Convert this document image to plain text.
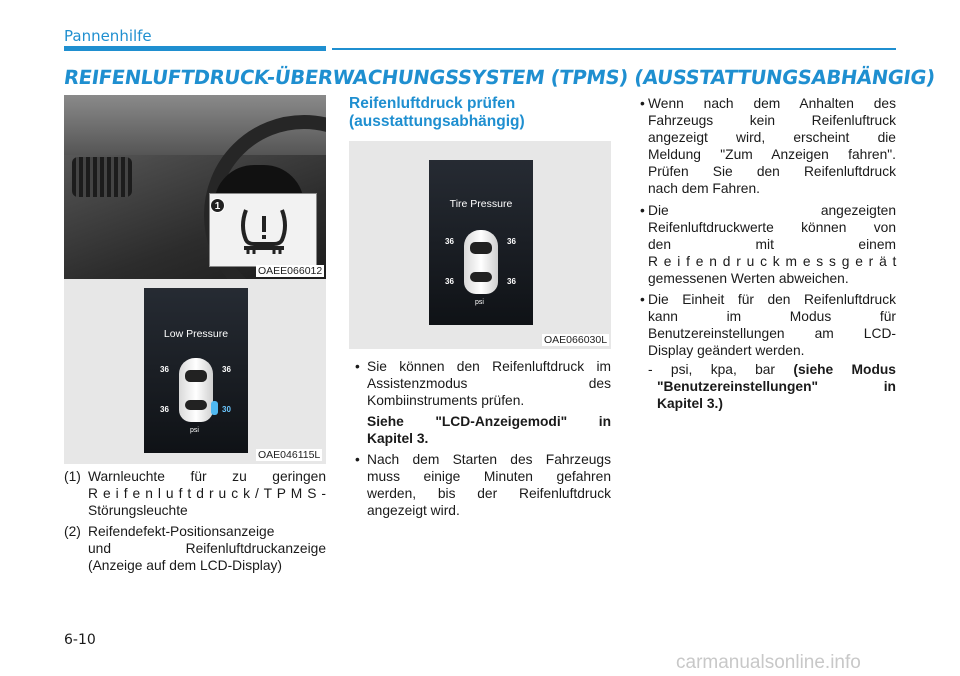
Pannenhilfe
REIFENLUFTDRUCK-ÜBERWACHUNGSSYSTEM (TPMS) (AUSSTATTUNGSABHÄNGIG)
1
OAEE066012
Low Pressure
36	36
36	30
psi
OAE046115L
(1) Warnleuchte für zu geringen

R e i f e n l u f t d r u c k / T P M S -

Störungsleuchte

(2) Reifendefekt-Positionsanzeige

und Reifenluftdruckanzeige

(Anzeige auf dem LCD-Display)

Reifenluftdruck prüfen
(ausstattungsabhängig)
Tire Pressure
36	36
36	36
psi
OAE066030L
• Sie können den Reifenluftdruck im

Assistenzmodus des

Kombiinstruments prüfen.

Siehe "LCD-Anzeigemodi" in

Kapitel 3.

• Nach dem Starten des Fahrzeugs

muss einige Minuten gefahren

werden, bis der Reifenluftdruck

angezeigt wird.

• Wenn nach dem Anhalten des

Fahrzeugs kein Reifenluftruck

angezeigt wird, erscheint die

Meldung "Zum Anzeigen fahren".

Prüfen Sie den Reifenluftdruck

nach dem Fahren.

• Die angezeigten

Reifenluftdruckwerte können von

den mit einem

R e i f e n d r u c k m e s s g e r ä t

gemessenen Werten abweichen.

• Die Einheit für den Reifenluftdruck

kann im Modus für

Benutzereinstellungen am LCD-

Display geändert werden.

- psi, kpa, bar (siehe Modus

"Benutzereinstellungen" in

Kapitel 3.)

6-10
carmanualsonline.info
